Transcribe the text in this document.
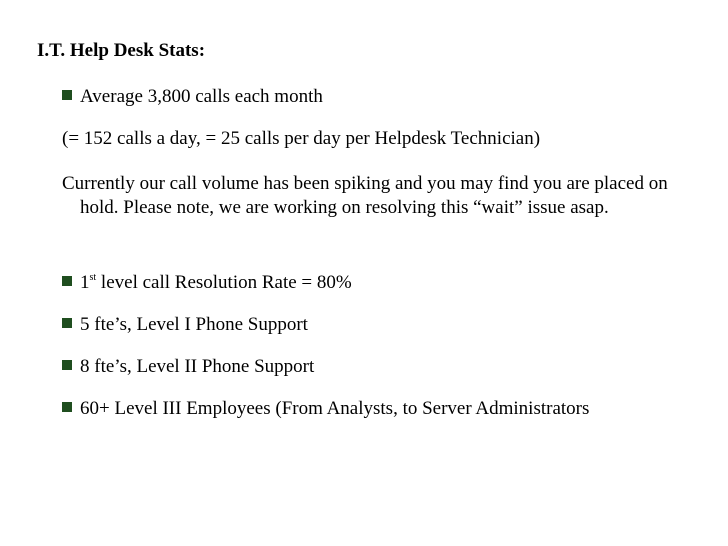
I.T. Help Desk Stats:
Average 3,800 calls each month
(= 152 calls a day, = 25 calls per day per Helpdesk Technician)
Currently our call volume has been spiking and you may find you are placed on hold. Please note, we are working on resolving this “wait” issue asap.
1st level call Resolution Rate = 80%
5 fte’s, Level I Phone Support
8 fte’s, Level II Phone Support
60+ Level III Employees (From Analysts, to Server Administrators
